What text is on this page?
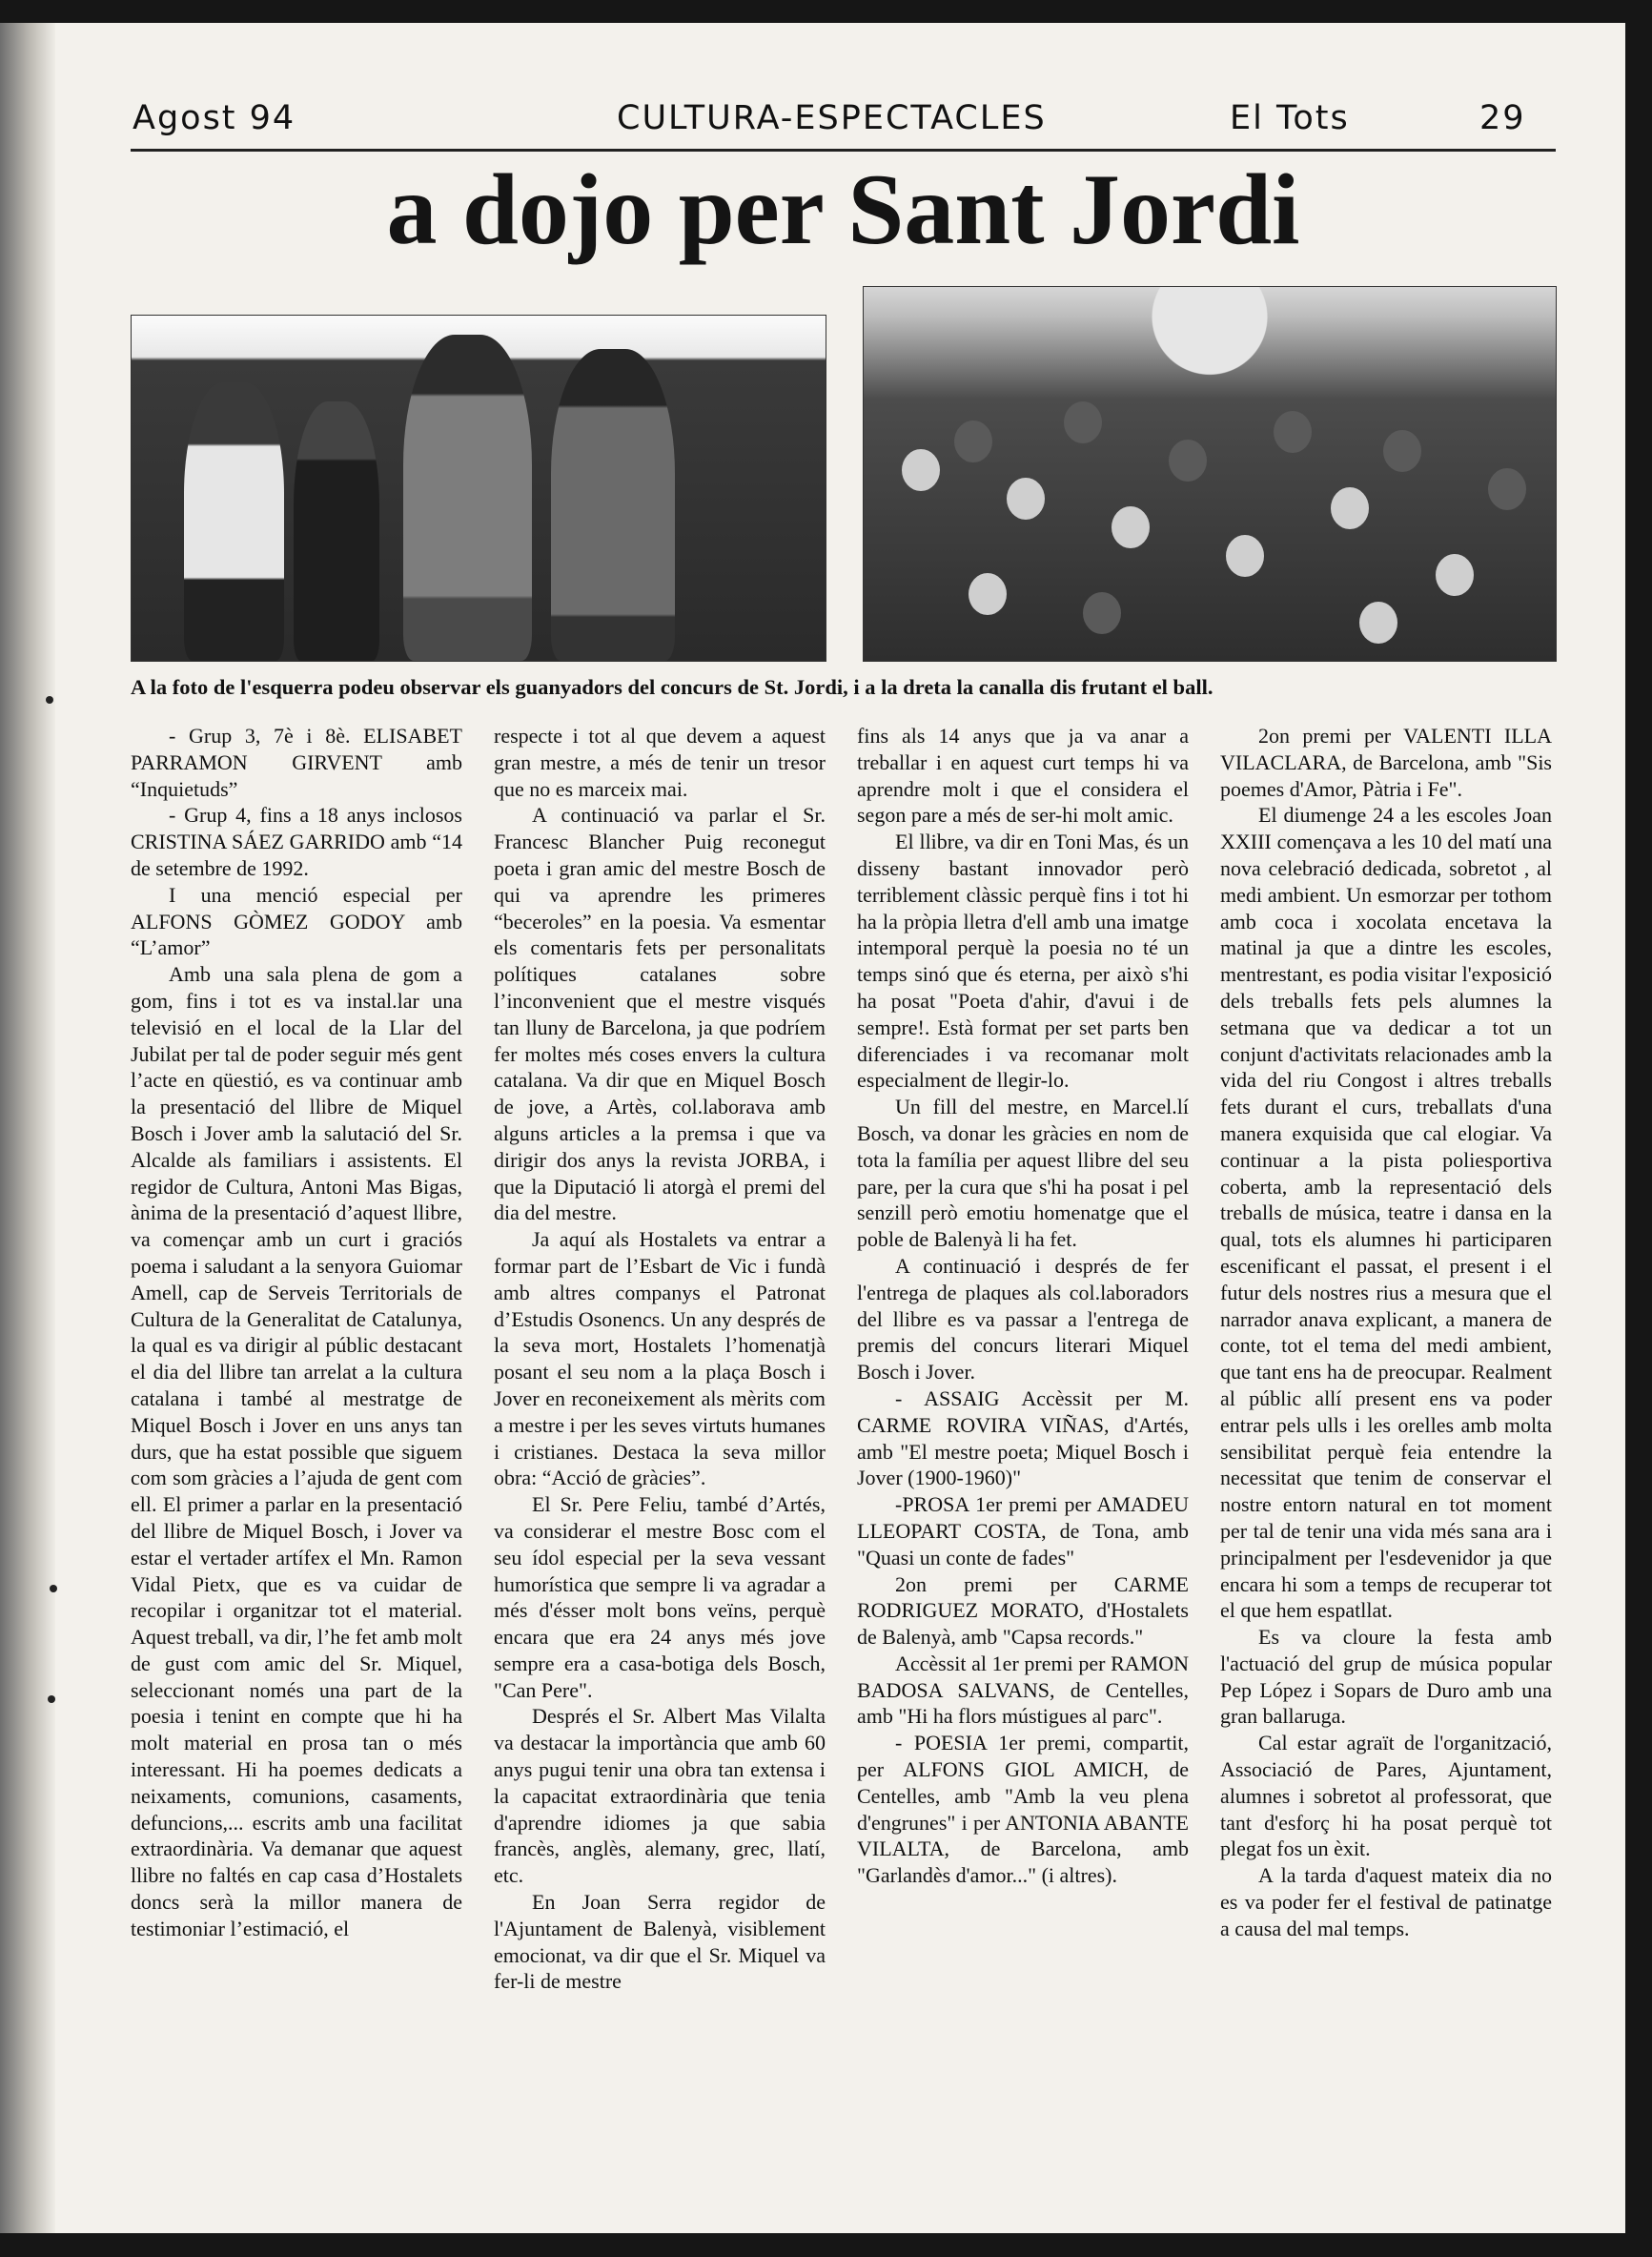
Agost 94	CULTURA-ESPECTACLES	El Tots	29
a dojo per Sant Jordi
A la foto de l'esquerra podeu observar els guanyadors del concurs de St. Jordi, i a la dreta la canalla dis frutant el ball.

- Grup 3, 7è i 8è. ELISABET PARRAMON GIRVENT amb “Inquietuds”

- Grup 4, fins a 18 anys inclosos CRISTINA SÁEZ GARRIDO amb “14 de setembre de 1992.

I una menció especial per ALFONS GÒMEZ GODOY amb “L’amor”

Amb una sala plena de gom a gom, fins i tot es va instal.lar una televisió en el local de la Llar del Jubilat per tal de poder seguir més gent l’acte en qüestió, es va continuar amb la presentació del llibre de Miquel Bosch i Jover amb la salutació del Sr. Alcalde als familiars i assistents. El regidor de Cultura, Antoni Mas Bigas, ànima de la presentació d’aquest llibre, va començar amb un curt i graciós poema i saludant a la senyora Guiomar Amell, cap de Serveis Territorials de Cultura de la Generalitat de Catalunya, la qual es va dirigir al públic destacant el dia del llibre tan arrelat a la cultura catalana i també al mestratge de Miquel Bosch i Jover en uns anys tan durs, que ha estat possible que siguem com som gràcies a l’ajuda de gent com ell. El primer a parlar en la presentació del llibre de Miquel Bosch, i Jover va estar el vertader artífex el Mn. Ramon Vidal Pietx, que es va cuidar de recopilar i organitzar tot el material. Aquest treball, va dir, l’he fet amb molt de gust com amic del Sr. Miquel, seleccionant només una part de la poesia i tenint en compte que hi ha molt material en prosa tan o més interessant. Hi ha poemes dedicats a neixaments, comunions, casaments, defuncions,... escrits amb una facilitat extraordinària. Va demanar que aquest llibre no faltés en cap casa d’Hostalets doncs serà la millor manera de testimoniar l’estimació, el

respecte i tot al que devem a aquest gran mestre, a més de tenir un tresor que no es marceix mai.

A continuació va parlar el Sr. Francesc Blancher Puig reconegut poeta i gran amic del mestre Bosch de qui va aprendre les primeres “beceroles” en la poesia. Va esmentar els comentaris fets per personalitats polítiques catalanes sobre l’inconvenient que el mestre visqués tan lluny de Barcelona, ja que podríem fer moltes més coses envers la cultura catalana. Va dir que en Miquel Bosch de jove, a Artès, col.laborava amb alguns articles a la premsa i que va dirigir dos anys la revista JORBA, i que la Diputació li atorgà el premi del dia del mestre.

Ja aquí als Hostalets va entrar a formar part de l’Esbart de Vic i fundà amb altres companys el Patronat d’Estudis Osonencs. Un any després de la seva mort, Hostalets l’homenatjà posant el seu nom a la plaça Bosch i Jover en reconeixement als mèrits com a mestre i per les seves virtuts humanes i cristianes. Destaca la seva millor obra: “Acció de gràcies”.

El Sr. Pere Feliu, també d’Artés, va considerar el mestre Bosc com el seu ídol especial per la seva vessant humorística que sempre li va agradar a més d'ésser molt bons veïns, perquè encara que era 24 anys més jove sempre era a casa-botiga dels Bosch, "Can Pere".

Després el Sr. Albert Mas Vilalta va destacar la importància que amb 60 anys pugui tenir una obra tan extensa i la capacitat extraordinària que tenia d'aprendre idiomes ja que sabia francès, anglès, alemany, grec, llatí, etc.

En Joan Serra regidor de l'Ajuntament de Balenyà, visiblement emocionat, va dir que el Sr. Miquel va fer-li de mestre

fins als 14 anys que ja va anar a treballar i en aquest curt temps hi va aprendre molt i que el considera el segon pare a més de ser-hi molt amic.

El llibre, va dir en Toni Mas, és un disseny bastant innovador però terriblement clàssic perquè fins i tot hi ha la pròpia lletra d'ell amb una imatge intemporal perquè la poesia no té un temps sinó que és eterna, per això s'hi ha posat "Poeta d'ahir, d'avui i de sempre!. Està format per set parts ben diferenciades i va recomanar molt especialment de llegir-lo.

Un fill del mestre, en Marcel.lí Bosch, va donar les gràcies en nom de tota la família per aquest llibre del seu pare, per la cura que s'hi ha posat i pel senzill però emotiu homenatge que el poble de Balenyà li ha fet.

A continuació i després de fer l'entrega de plaques als col.laboradors del llibre es va passar a l'entrega de premis del concurs literari Miquel Bosch i Jover.

- ASSAIG Accèssit per M. CARME ROVIRA VIÑAS, d'Artés, amb "El mestre poeta; Miquel Bosch i Jover (1900-1960)"

-PROSA 1er premi per AMADEU LLEOPART COSTA, de Tona, amb "Quasi un conte de fades"

2on premi per CARME RODRIGUEZ MORATO, d'Hostalets de Balenyà, amb "Capsa records."

Accèssit al 1er premi per RAMON BADOSA SALVANS, de Centelles, amb "Hi ha flors mústigues al parc".

- POESIA 1er premi, compartit, per ALFONS GIOL AMICH, de Centelles, amb "Amb la veu plena d'engrunes" i per ANTONIA ABANTE VILALTA, de Barcelona, amb "Garlandès d'amor..." (i altres).

2on premi per VALENTI ILLA VILACLARA, de Barcelona, amb "Sis poemes d'Amor, Pàtria i Fe".

El diumenge 24 a les escoles Joan XXIII començava a les 10 del matí una nova celebració dedicada, sobretot , al medi ambient. Un esmorzar per tothom amb coca i xocolata encetava la matinal ja que a dintre les escoles, mentrestant, es podia visitar l'exposició dels treballs fets pels alumnes la setmana que va dedicar a tot un conjunt d'activitats relacionades amb la vida del riu Congost i altres treballs fets durant el curs, treballats d'una manera exquisida que cal elogiar. Va continuar a la pista poliesportiva coberta, amb la representació dels treballs de música, teatre i dansa en la qual, tots els alumnes hi participaren escenificant el passat, el present i el futur dels nostres rius a mesura que el narrador anava explicant, a manera de conte, tot el tema del medi ambient, que tant ens ha de preocupar. Realment al públic allí present ens va poder entrar pels ulls i les orelles amb molta sensibilitat perquè feia entendre la necessitat que tenim de conservar el nostre entorn natural en tot moment per tal de tenir una vida més sana ara i principalment per l'esdevenidor ja que encara hi som a temps de recuperar tot el que hem espatllat.

Es va cloure la festa amb l'actuació del grup de música popular Pep López i Sopars de Duro amb una gran ballaruga.

Cal estar agraït de l'organització, Associació de Pares, Ajuntament, alumnes i sobretot al professorat, que tant d'esforç hi ha posat perquè tot plegat fos un èxit.

A la tarda d'aquest mateix dia no es va poder fer el festival de patinatge a causa del mal temps.
